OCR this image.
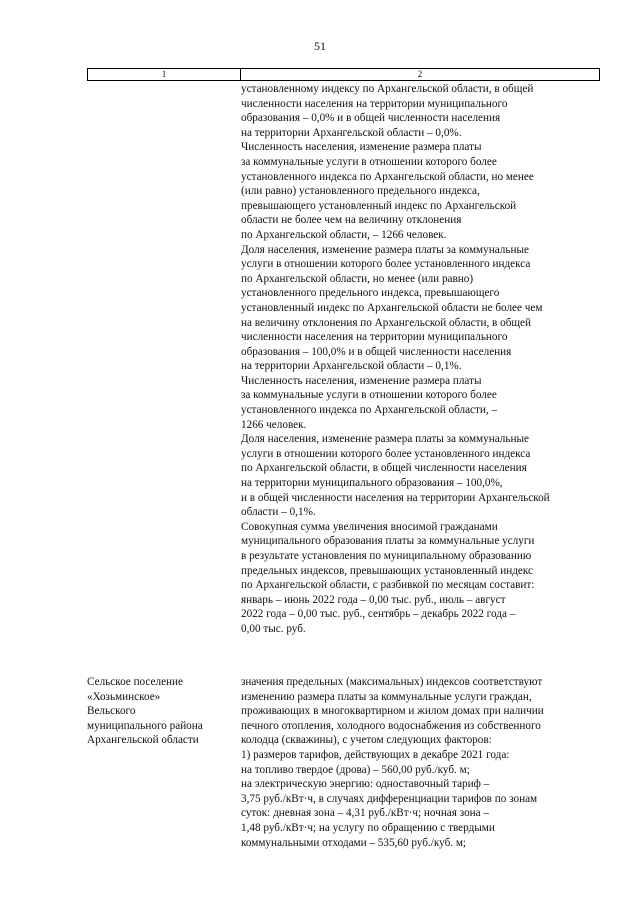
51
1	2
установленному индексу по Архангельской области, в общей
численности населения на территории муниципального
образования – 0,0% и в общей численности населения
на территории Архангельской области – 0,0%.
Численность населения, изменение размера платы
за коммунальные услуги в отношении которого более
установленного индекса по Архангельской области, но менее
(или равно) установленного предельного индекса,
превышающего установленный индекс по Архангельской
области не более чем на величину отклонения
по Архангельской области, – 1266 человек.
Доля населения, изменение размера платы за коммунальные
услуги в отношении которого более установленного индекса
по Архангельской области, но менее (или равно)
установленного предельного индекса, превышающего
установленный индекс по Архангельской области не более чем
на величину отклонения по Архангельской области, в общей
численности населения на территории муниципального
образования – 100,0% и в общей численности населения
на территории Архангельской области – 0,1%.
Численность населения, изменение размера платы
за коммунальные услуги в отношении которого более
установленного индекса по Архангельской области, –
1266 человек.
Доля населения, изменение размера платы за коммунальные
услуги в отношении которого более установленного индекса
по Архангельской области, в общей численности населения
на территории муниципального образования – 100,0%,
и в общей численности населения на территории Архангельской
области – 0,1%.
Совокупная сумма увеличения вносимой гражданами
муниципального образования платы за коммунальные услуги
в результате установления по муниципальному образованию
предельных индексов, превышающих установленный индекс
по Архангельской области, с разбивкой по месяцам составит:
январь – июнь 2022 года – 0,00 тыс. руб., июль – август
2022 года – 0,00 тыс. руб., сентябрь – декабрь 2022 года –
0,00 тыс. руб.
Сельское поселение
«Хозьминское»
Вельского
муниципального района
Архангельской области
значения предельных (максимальных) индексов соответствуют
изменению размера платы за коммунальные услуги граждан,
проживающих в многоквартирном и жилом домах при наличии
печного отопления, холодного водоснабжения из собственного
колодца (скважины), с учетом следующих факторов:
1) размеров тарифов, действующих в декабре 2021 года:
на топливо твердое (дрова) – 560,00 руб./куб. м;
на электрическую энергию: одноставочный тариф –
3,75 руб./кВт·ч, в случаях дифференциации тарифов по зонам
суток: дневная зона – 4,31 руб./кВт·ч; ночная зона –
1,48 руб./кВт·ч; на услугу по обращению с твердыми
коммунальными отходами – 535,60 руб./куб. м;
